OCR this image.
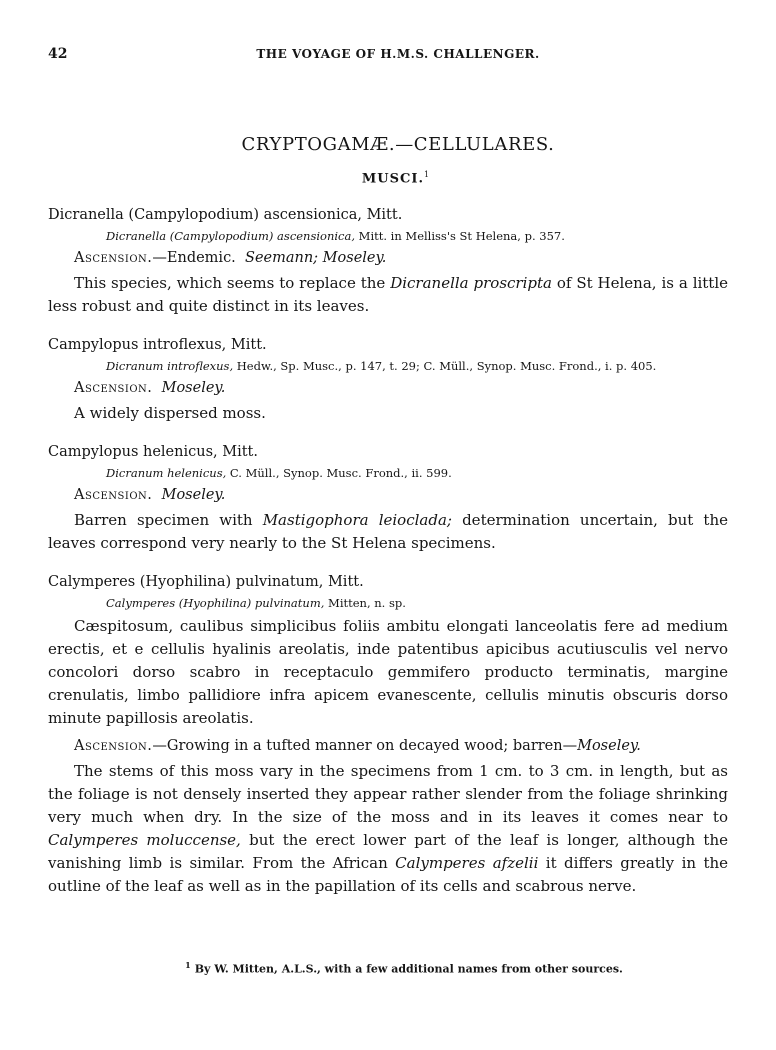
42	THE VOYAGE OF H.M.S. CHALLENGER.
CRYPTOGAMÆ.—CELLULARES.
MUSCI.$^1$

Dicranella (Campylopodium) ascensionica, Mitt.

Dicranella (Campylopodium) ascensionica, Mitt. in Melliss's St Helena, p. 357.

Ascension.—Endemic. Seemann; Moseley.

This species, which seems to replace the Dicranella proscripta of St Helena, is a little less robust and quite distinct in its leaves.

Campylopus introflexus, Mitt.

Dicranum introflexus, Hedw., Sp. Musc., p. 147, t. 29; C. Müll., Synop. Musc. Frond., i. p. 405.

Ascension. Moseley.

A widely dispersed moss.

Campylopus helenicus, Mitt.

Dicranum helenicus, C. Müll., Synop. Musc. Frond., ii. 599.

Ascension. Moseley.

Barren specimen with Mastigophora leioclada; determination uncertain, but the leaves correspond very nearly to the St Helena specimens.

Calymperes (Hyophilina) pulvinatum, Mitt.

Calymperes (Hyophilina) pulvinatum, Mitten, n. sp.

Cæspitosum, caulibus simplicibus foliis ambitu elongati lanceolatis fere ad medium erectis, et e cellulis hyalinis areolatis, inde patentibus apicibus acutiusculis vel nervo concolori dorso scabro in receptaculo gemmifero producto terminatis, margine crenulatis, limbo pallidiore infra apicem evanescente, cellulis minutis obscuris dorso minute papillosis areolatis.

Ascension.—Growing in a tufted manner on decayed wood; barren—Moseley.

The stems of this moss vary in the specimens from 1 cm. to 3 cm. in length, but as the foliage is not densely inserted they appear rather slender from the foliage shrinking very much when dry. In the size of the moss and in its leaves it comes near to Calymperes moluccense, but the erect lower part of the leaf is longer, although the vanishing limb is similar. From the African Calymperes afzelii it differs greatly in the outline of the leaf as well as in the papillation of its cells and scabrous nerve.

$^1$ By W. Mitten, A.L.S., with a few additional names from other sources.
